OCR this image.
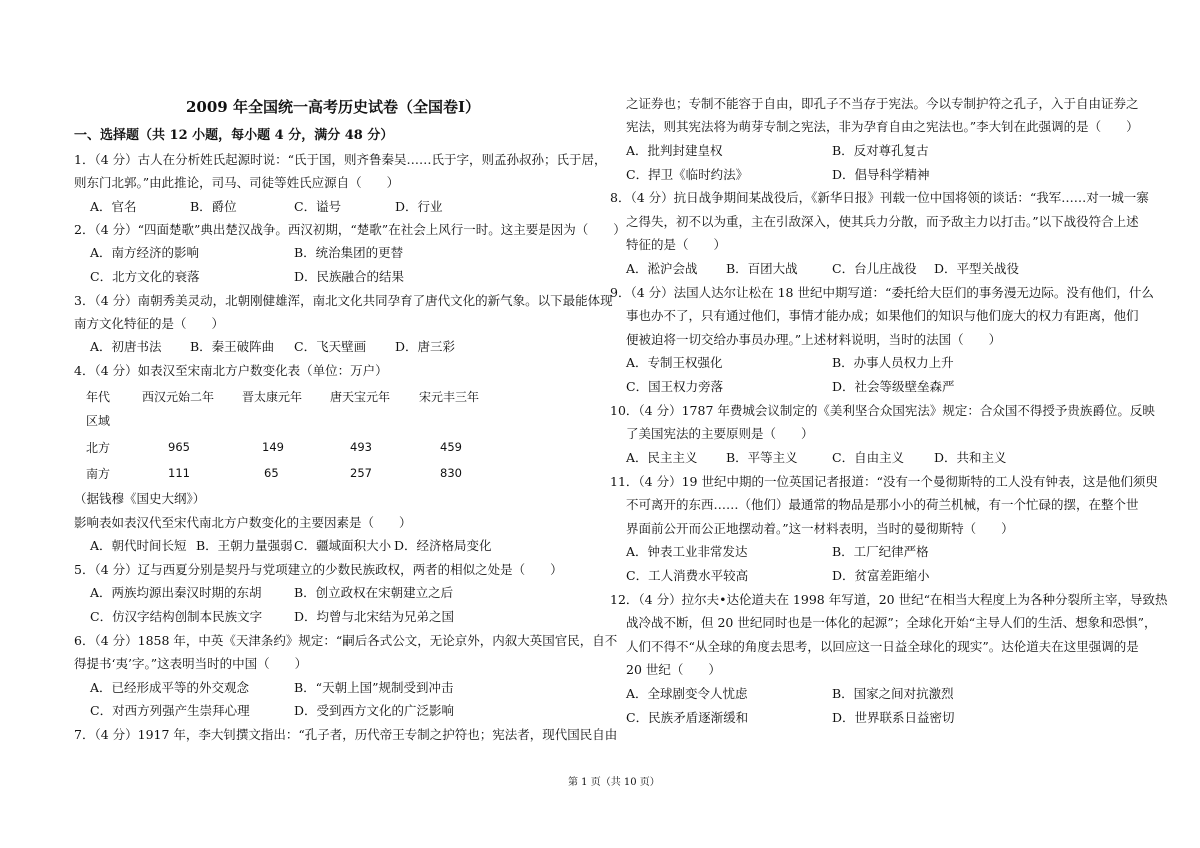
2009 年全国统一高考历史试卷（全国卷Ⅰ）
一、选择题（共 12 小题，每小题 4 分，满分 48 分）
1．（4 分）古人在分析姓氏起源时说：“氏于国，则齐鲁秦吴……氏于字，则孟孙叔孙；氏于居，
则东门北郭。”由此推论，司马、司徒等姓氏应源自（　　）
A．官名	B．爵位	C．谥号	D．行业
2．（4 分）“四面楚歌”典出楚汉战争。西汉初期，“楚歌”在社会上风行一时。这主要是因为（　　）
A．南方经济的影响	B．统治集团的更替
C．北方文化的衰落	D．民族融合的结果
3．（4 分）南朝秀美灵动，北朝刚健雄浑，南北文化共同孕育了唐代文化的新气象。以下最能体现
南方文化特征的是（　　）
A．初唐书法 B．秦王破阵曲 C．飞天壁画 D．唐三彩
4．（4 分）如表汉至宋南北方户数变化表（单位：万户）
年代	西汉元始二年 晋太康元年 唐天宝元年 宋元丰三年
区域
北方	965	149	493	459
南方	111	65	257	830
（据钱穆《国史大纲》）
影响表如表汉代至宋代南北方户数变化的主要因素是（　　）
A．朝代时间长短 B．王朝力量强弱 C．疆域面积大小 D．经济格局变化
5．（4 分）辽与西夏分别是契丹与党项建立的少数民族政权，两者的相似之处是（　　）
A．两族均源出秦汉时期的东胡	B．创立政权在宋朝建立之后
C．仿汉字结构创制本民族文字	D．均曾与北宋结为兄弟之国
6．（4 分）1858 年，中英《天津条约》规定：“嗣后各式公文，无论京外，内叙大英国官民，自不
得提书‘夷’字。”这表明当时的中国（　　）
A．已经形成平等的外交观念	B．“天朝上国”规制受到冲击
C．对西方列强产生崇拜心理	D．受到西方文化的广泛影响
7．（4 分）1917 年，李大钊撰文指出：“孔子者，历代帝王专制之护符也；宪法者，现代国民自由
之证券也；专制不能容于自由，即孔子不当存于宪法。今以专制护符之孔子，入于自由证券之
宪法，则其宪法将为萌芽专制之宪法，非为孕育自由之宪法也。”李大钊在此强调的是（　　）
A．批判封建皇权	B．反对尊孔复古
C．捍卫《临时约法》	D．倡导科学精神
8．（4 分）抗日战争期间某战役后，《新华日报》刊载一位中国将领的谈话：“我军……对一城一寨
之得失，初不以为重，主在引敌深入，使其兵力分散，而予敌主力以打击。”以下战役符合上述
特征的是（　　）
A．淞沪会战 B．百团大战	C．台儿庄战役 D．平型关战役
9．（4 分）法国人达尔让松在 18 世纪中期写道：“委托给大臣们的事务漫无边际。没有他们，什么
事也办不了，只有通过他们，事情才能办成；如果他们的知识与他们庞大的权力有距离，他们
便被迫将一切交给办事员办理。”上述材料说明，当时的法国（　　）
A．专制王权强化	B．办事人员权力上升
C．国王权力旁落	D．社会等级壁垒森严
10．（4 分）1787 年费城会议制定的《美利坚合众国宪法》规定：合众国不得授予贵族爵位。反映
了美国宪法的主要原则是（　　）
A．民主主义 B．平等主义	C．自由主义 D．共和主义
11．（4 分）19 世纪中期的一位英国记者报道：“没有一个曼彻斯特的工人没有钟表，这是他们须臾
不可离开的东西……（他们）最通常的物品是那小小的荷兰机械，有一个忙碌的摆，在整个世
界面前公开而公正地摆动着。”这一材料表明，当时的曼彻斯特（　　）
A．钟表工业非常发达	B．工厂纪律严格
C．工人消费水平较高	D．贫富差距缩小
12．（4 分）拉尔夫•达伦道夫在 1998 年写道，20 世纪“在相当大程度上为各种分裂所主宰，导致热
战冷战不断，但 20 世纪同时也是一体化的起源”；全球化开始“主导人们的生活、想象和恐惧”，
人们不得不“从全球的角度去思考，以回应这一日益全球化的现实”。达伦道夫在这里强调的是
20 世纪（　　）
A．全球剧变令人忧虑	B．国家之间对抗激烈
C．民族矛盾逐渐缓和	D．世界联系日益密切
第 1 页（共 10 页）
